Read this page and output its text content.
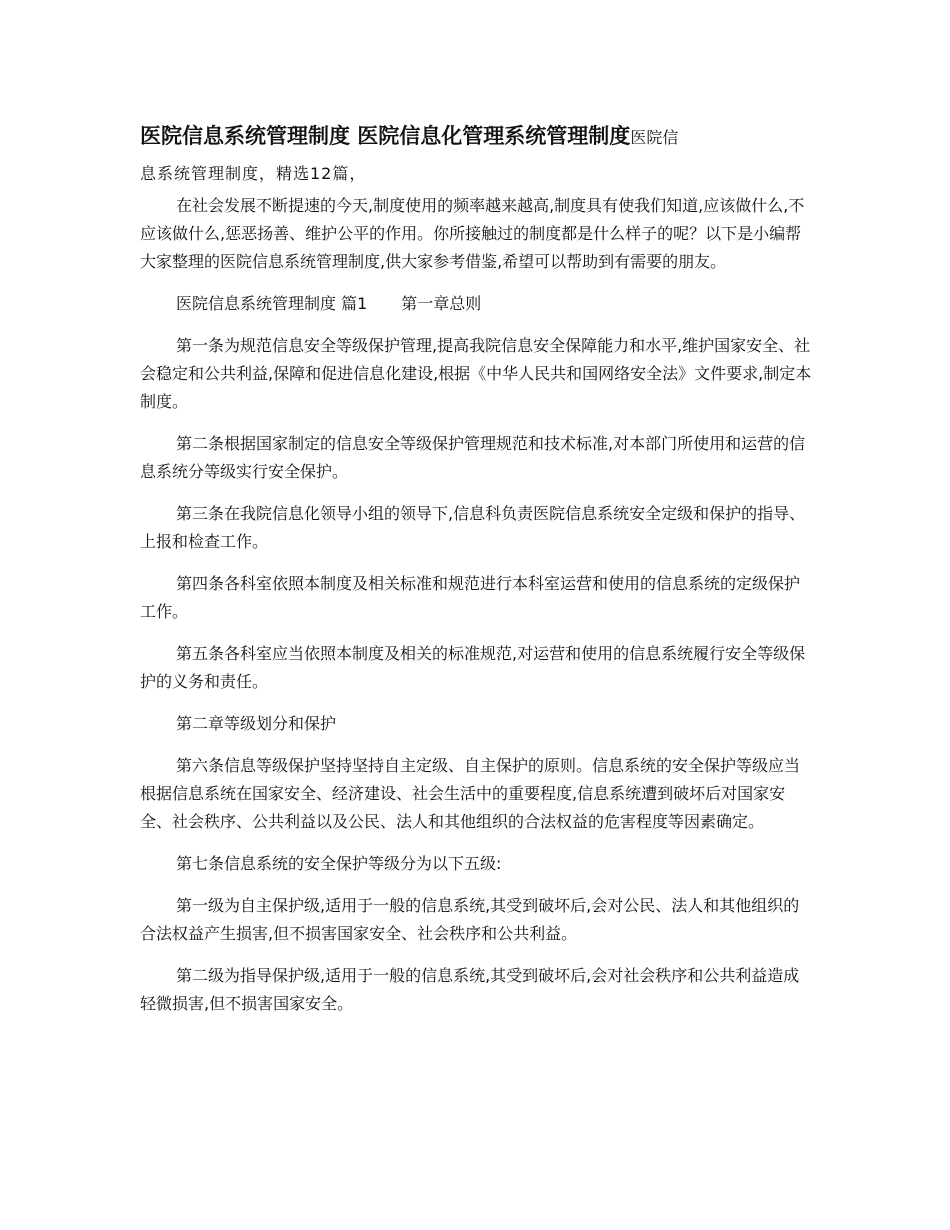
医院信息系统管理制度 医院信息化管理系统管理制度医院信
息系统管理制度，精选12篇，

在社会发展不断提速的今天,制度使用的频率越来越高,制度具有使我们知道,应该做什么,不应该做什么,惩恶扬善、维护公平的作用。你所接触过的制度都是什么样子的呢？以下是小编帮大家整理的医院信息系统管理制度,供大家参考借鉴,希望可以帮助到有需要的朋友。

医院信息系统管理制度 篇1 第一章总则

第一条为规范信息安全等级保护管理,提高我院信息安全保障能力和水平,维护国家安全、社会稳定和公共利益,保障和促进信息化建设,根据《中华人民共和国网络安全法》文件要求,制定本制度。

第二条根据国家制定的信息安全等级保护管理规范和技术标准,对本部门所使用和运营的信息系统分等级实行安全保护。

第三条在我院信息化领导小组的领导下,信息科负责医院信息系统安全定级和保护的指导、上报和检查工作。

第四条各科室依照本制度及相关标准和规范进行本科室运营和使用的信息系统的定级保护工作。

第五条各科室应当依照本制度及相关的标准规范,对运营和使用的信息系统履行安全等级保护的义务和责任。

第二章等级划分和保护

第六条信息等级保护坚持坚持自主定级、自主保护的原则。信息系统的安全保护等级应当根据信息系统在国家安全、经济建设、社会生活中的重要程度,信息系统遭到破坏后对国家安全、社会秩序、公共利益以及公民、法人和其他组织的合法权益的危害程度等因素确定。

第七条信息系统的安全保护等级分为以下五级:

第一级为自主保护级,适用于一般的信息系统,其受到破坏后,会对公民、法人和其他组织的合法权益产生损害,但不损害国家安全、社会秩序和公共利益。

第二级为指导保护级,适用于一般的信息系统,其受到破坏后,会对社会秩序和公共利益造成轻微损害,但不损害国家安全。
